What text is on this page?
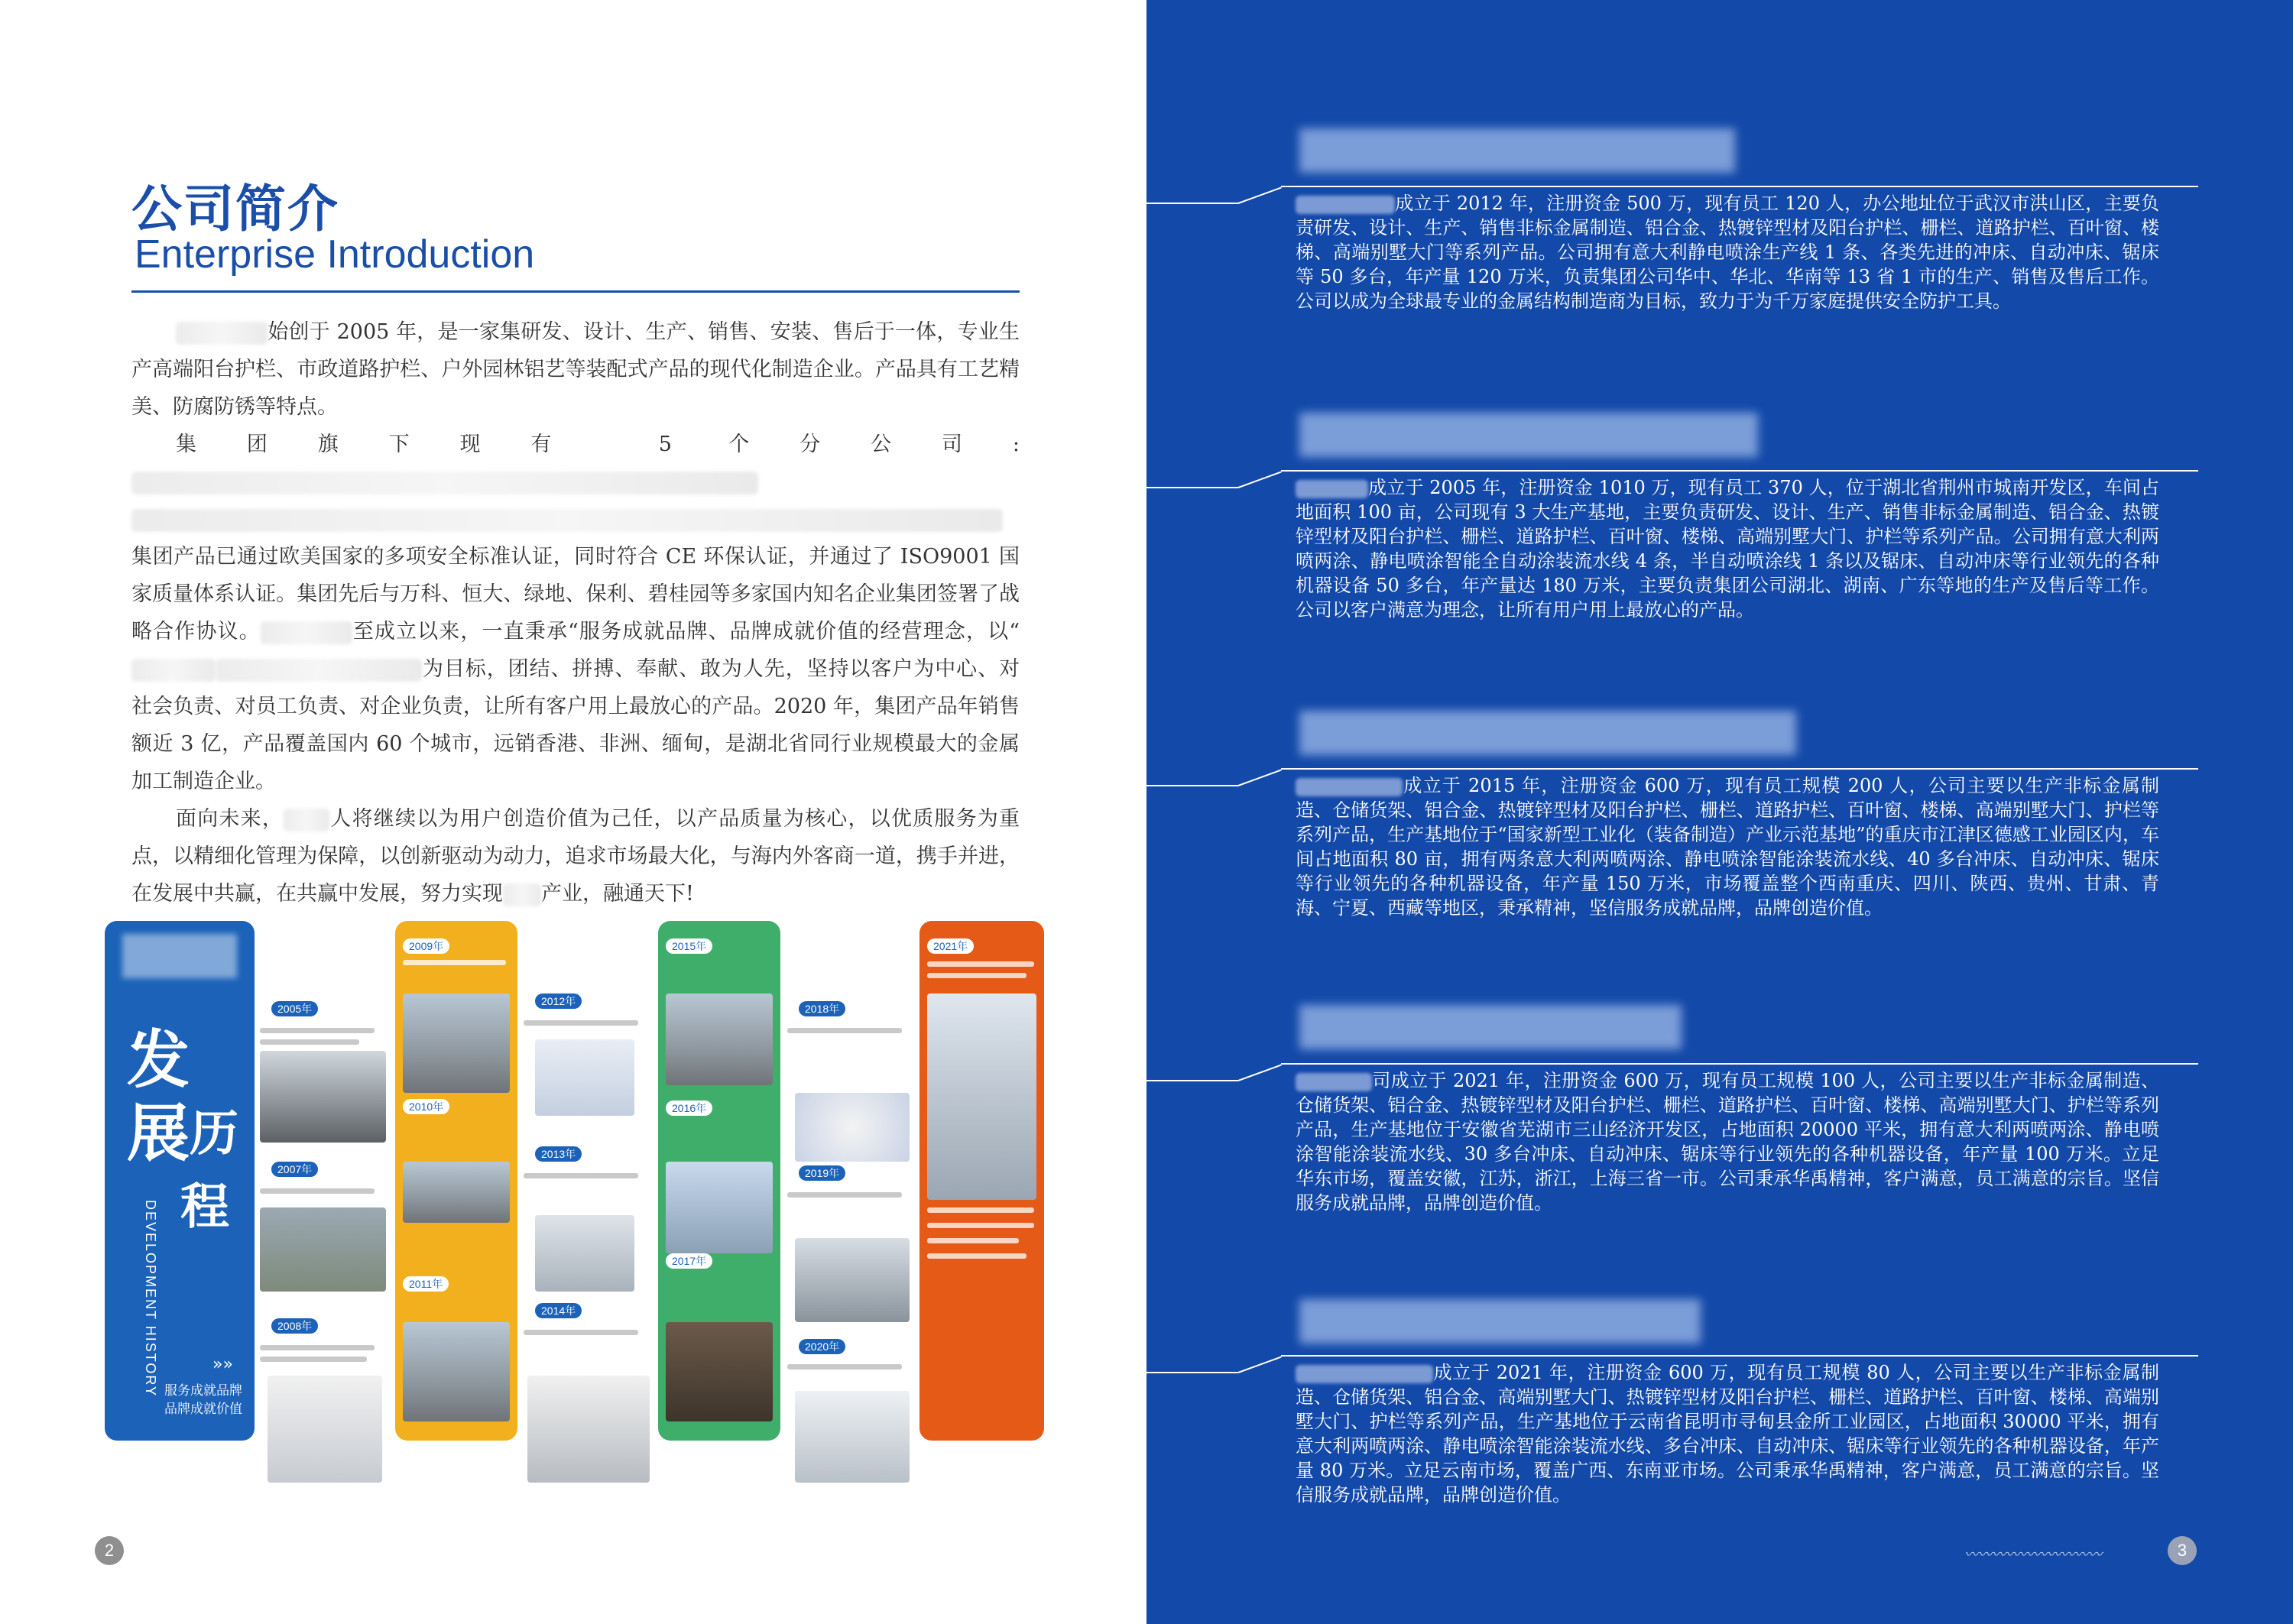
公司简介
Enterprise Introduction

始创于 2005 年，是一家集研发、设计、生产、销售、安装、售后于一体，专业生产高端阳台护栏、市政道路护栏、户外园林铝艺等装配式产品的现代化制造企业。产品具有工艺精美、防腐防锈等特点。

集团旗下现有 5 个分公司:

集团产品已通过欧美国家的多项安全标准认证，同时符合 CE 环保认证，并通过了 ISO9001 国家质量体系认证。集团先后与万科、恒大、绿地、保利、碧桂园等多家国内知名企业集团签署了战略合作协议。	至成立以来，一直秉承“服务成就品牌、品牌成就价值的经营理念，以“为目标，团结、拼搏、奉献、敢为人先，坚持以客户为中心、对社会负责、对员工负责、对企业负责，让所有客户用上最放心的产品。2020 年，集团产品年销售额近 3 亿，产品覆盖国内 60 个城市，远销香港、非洲、缅甸，是湖北省同行业规模最大的金属加工制造企业。

面向未来， 人将继续以为用户创造价值为己任，以产品质量为核心，以优质服务为重点，以精细化管理为保障，以创新驱动为动力，追求市场最大化，与海内外客商一道，携手并进，在发展中共赢，在共赢中发展，努力实现 产业，融通天下!

发
展历
程
DEVELOPMENT HISTORY	»»
服务成就品牌
品牌成就价值
2005年
2007年
2008年
2009年
2010年
2011年
2012年
2013年
2014年
2015年
2016年
2017年
2018年
2019年
2020年
2021年
2

成立于 2012 年，注册资金 500 万，现有员工 120 人，办公地址位于武汉市洪山区，主要负责研发、设计、生产、销售非标金属制造、铝合金、热镀锌型材及阳台护栏、栅栏、道路护栏、百叶窗、楼梯、高端别墅大门等系列产品。公司拥有意大利静电喷涂生产线 1 条、各类先进的冲床、自动冲床、锯床等 50 多台，年产量 120 万米，负责集团公司华中、华北、华南等 13 省 1 市的生产、销售及售后工作。公司以成为全球最专业的金属结构制造商为目标，致力于为千万家庭提供安全防护工具。

成立于 2005 年，注册资金 1010 万，现有员工 370 人，位于湖北省荆州市城南开发区，车间占地面积 100 亩，公司现有 3 大生产基地，主要负责研发、设计、生产、销售非标金属制造、铝合金、热镀锌型材及阳台护栏、栅栏、道路护栏、百叶窗、楼梯、高端别墅大门、护栏等系列产品。公司拥有意大利两喷两涂、静电喷涂智能全自动涂装流水线 4 条，半自动喷涂线 1 条以及锯床、自动冲床等行业领先的各种机器设备 50 多台，年产量达 180 万米，主要负责集团公司湖北、湖南、广东等地的生产及售后等工作。公司以客户满意为理念，让所有用户用上最放心的产品。

成立于 2015 年，注册资金 600 万，现有员工规模 200 人，公司主要以生产非标金属制造、仓储货架、铝合金、热镀锌型材及阳台护栏、栅栏、道路护栏、百叶窗、楼梯、高端别墅大门、护栏等系列产品，生产基地位于“国家新型工业化（装备制造）产业示范基地”的重庆市江津区德感工业园区内，车间占地面积 80 亩，拥有两条意大利两喷两涂、静电喷涂智能涂装流水线、40 多台冲床、自动冲床、锯床等行业领先的各种机器设备，年产量 150 万米，市场覆盖整个西南重庆、四川、陕西、贵州、甘肃、青海、宁夏、西藏等地区，秉承精神，坚信服务成就品牌，品牌创造价值。

司成立于 2021 年，注册资金 600 万，现有员工规模 100 人，公司主要以生产非标金属制造、仓储货架、铝合金、热镀锌型材及阳台护栏、栅栏、道路护栏、百叶窗、楼梯、高端别墅大门、护栏等系列产品，生产基地位于安徽省芜湖市三山经济开发区，占地面积 20000 平米，拥有意大利两喷两涂、静电喷涂智能涂装流水线、30 多台冲床、自动冲床、锯床等行业领先的各种机器设备，年产量 100 万米。立足华东市场，覆盖安徽，江苏，浙江，上海三省一市。公司秉承华禹精神，客户满意，员工满意的宗旨。坚信服务成就品牌，品牌创造价值。

成立于 2021 年，注册资金 600 万，现有员工规模 80 人，公司主要以生产非标金属制造、仓储货架、铝合金、高端别墅大门、热镀锌型材及阳台护栏、栅栏、道路护栏、百叶窗、楼梯、高端别墅大门、护栏等系列产品，生产基地位于云南省昆明市寻甸县金所工业园区，占地面积 30000 平米，拥有意大利两喷两涂、静电喷涂智能涂装流水线、多台冲床、自动冲床、锯床等行业领先的各种机器设备，年产量 80 万米。立足云南市场，覆盖广西、东南亚市场。公司秉承华禹精神，客户满意，员工满意的宗旨。坚信服务成就品牌，品牌创造价值。

〰〰〰〰〰〰〰〰〰〰	3
